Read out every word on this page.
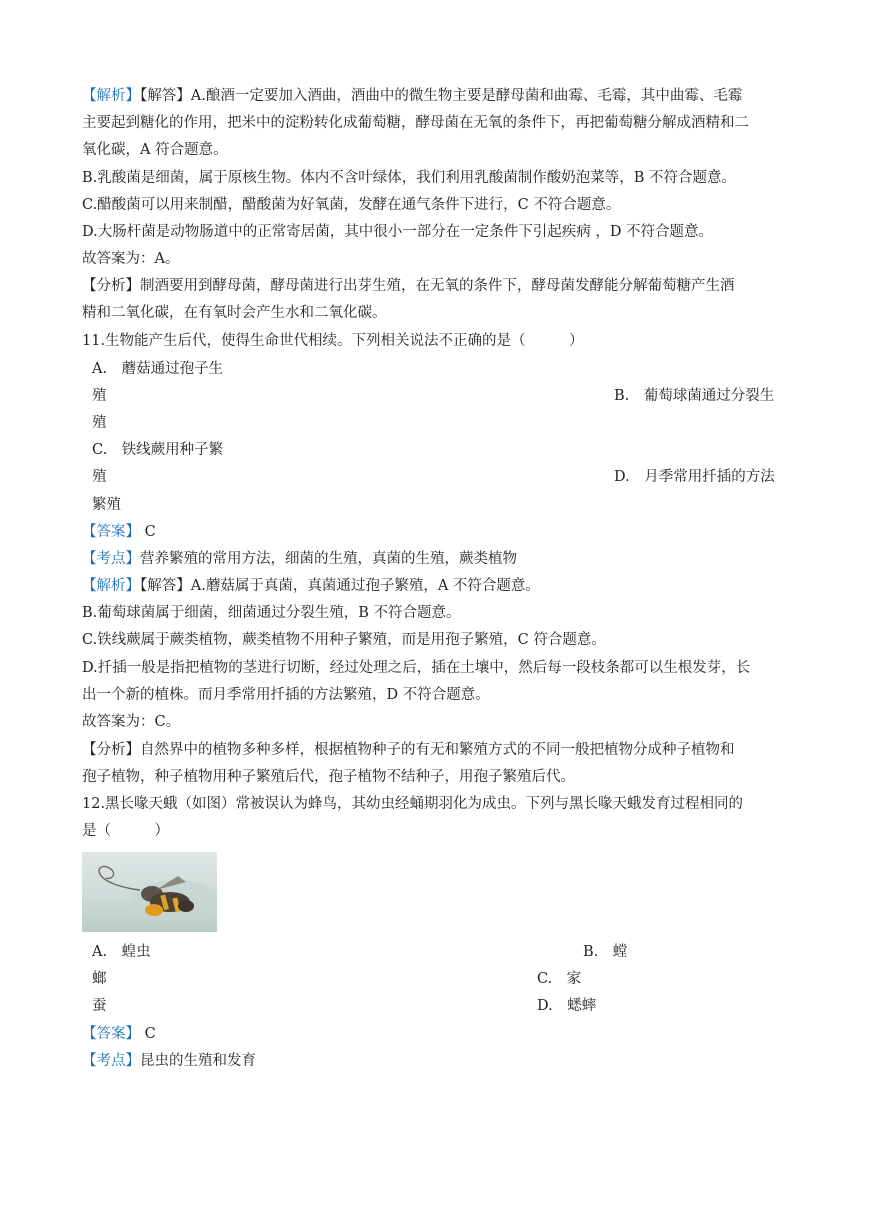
【解析】【解答】A.酿酒一定要加入酒曲，酒曲中的微生物主要是酵母菌和曲霉、毛霉，其中曲霉、毛霉
主要起到糖化的作用，把米中的淀粉转化成葡萄糖，酵母菌在无氧的条件下，再把葡萄糖分解成酒精和二
氧化碳，A 符合题意。
B.乳酸菌是细菌，属于原核生物。体内不含叶绿体，我们利用乳酸菌制作酸奶泡菜等，B 不符合题意。
C.醋酸菌可以用来制醋，醋酸菌为好氧菌，发酵在通气条件下进行，C 不符合题意。
D.大肠杆菌是动物肠道中的正常寄居菌，其中很小一部分在一定条件下引起疾病 ，D 不符合题意。
故答案为：A。
【分析】制酒要用到酵母菌，酵母菌进行出芽生殖，在无氧的条件下，酵母菌发酵能分解葡萄糖产生酒
精和二氧化碳，在有氧时会产生水和二氧化碳。
11.生物能产生后代，使得生命世代相续。下列相关说法不正确的是（　　　）
A.　蘑菇通过孢子生
殖	B.　葡萄球菌通过分裂生
殖
C.　铁线蕨用种子繁
殖	D.　月季常用扦插的方法
繁殖
【答案】 C
【考点】营养繁殖的常用方法，细菌的生殖，真菌的生殖，蕨类植物
【解析】【解答】A.蘑菇属于真菌，真菌通过孢子繁殖，A 不符合题意。
B.葡萄球菌属于细菌，细菌通过分裂生殖，B 不符合题意。
C.铁线蕨属于蕨类植物，蕨类植物不用种子繁殖，而是用孢子繁殖，C 符合题意。
D.扦插一般是指把植物的茎进行切断，经过处理之后，插在土壤中，然后每一段枝条都可以生根发芽，长
出一个新的植株。而月季常用扦插的方法繁殖，D 不符合题意。
故答案为：C。
【分析】自然界中的植物多种多样，根据植物种子的有无和繁殖方式的不同一般把植物分成种子植物和
孢子植物，种子植物用种子繁殖后代，孢子植物不结种子，用孢子繁殖后代。
12.黑长喙天蛾（如图）常被误认为蜂鸟，其幼虫经蛹期羽化为成虫。下列与黑长喙天蛾发育过程相同的
是（　　　）
A.　蝗虫	B.　螳
螂	C.　家
蚕	D.　蟋蟀
【答案】 C
【考点】昆虫的生殖和发育
